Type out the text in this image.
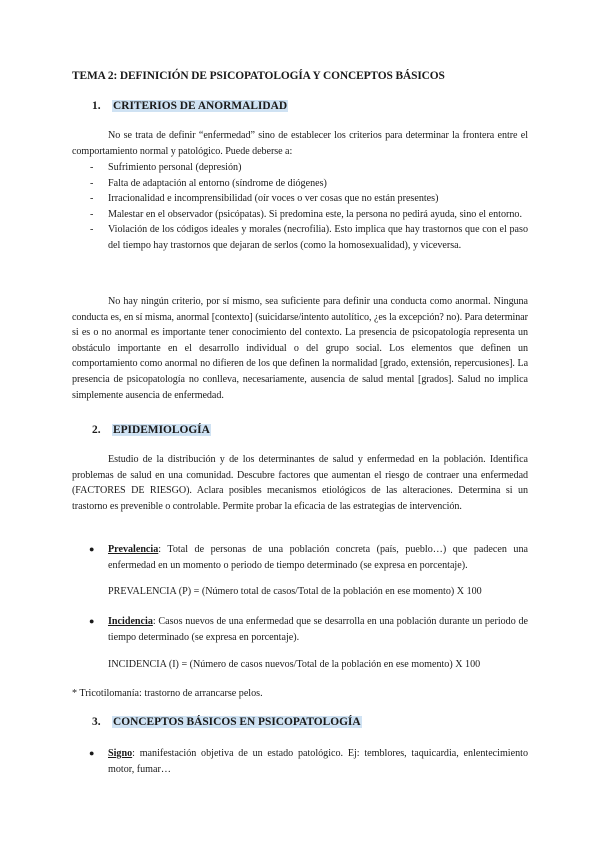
TEMA 2: DEFINICIÓN DE PSICOPATOLOGÍA Y CONCEPTOS BÁSICOS
1. CRITERIOS DE ANORMALIDAD
No se trata de definir “enfermedad” sino de establecer los criterios para determinar la frontera entre el comportamiento normal y patológico. Puede deberse a:
- Sufrimiento personal (depresión)
- Falta de adaptación al entorno (síndrome de diógenes)
- Irracionalidad e incomprensibilidad (oír voces o ver cosas que no están presentes)
- Malestar en el observador (psicópatas). Si predomina este, la persona no pedirá ayuda, sino el entorno.
- Violación de los códigos ideales y morales (necrofilia). Esto implica que hay trastornos que con el paso del tiempo hay trastornos que dejaran de serlos (como la homosexualidad), y viceversa.
No hay ningún criterio, por sí mismo, sea suficiente para definir una conducta como anormal. Ninguna conducta es, en sí misma, anormal [contexto] (suicidarse/intento autolítico, ¿es la excepción? no). Para determinar si es o no anormal es importante tener conocimiento del contexto. La presencia de psicopatología representa un obstáculo importante en el desarrollo individual o del grupo social. Los elementos que definen un comportamiento como anormal no difieren de los que definen la normalidad [grado, extensión, repercusiones]. La presencia de psicopatología no conlleva, necesariamente, ausencia de salud mental [grados]. Salud no implica simplemente ausencia de enfermedad.
2. EPIDEMIOLOGÍA
Estudio de la distribución y de los determinantes de salud y enfermedad en la población. Identifica problemas de salud en una comunidad. Descubre factores que aumentan el riesgo de contraer una enfermedad (FACTORES DE RIESGO). Aclara posibles mecanismos etiológicos de las alteraciones. Determina si un trastorno es prevenible o controlable. Permite probar la eficacia de las estrategias de intervención.
● Prevalencia: Total de personas de una población concreta (país, pueblo…) que padecen una enfermedad en un momento o periodo de tiempo determinado (se expresa en porcentaje).
PREVALENCIA (P) = (Número total de casos/Total de la población en ese momento) X 100
● Incidencia: Casos nuevos de una enfermedad que se desarrolla en una población durante un periodo de tiempo determinado (se expresa en porcentaje).
INCIDENCIA (I) = (Número de casos nuevos/Total de la población en ese momento) X 100
* Tricotilomanía: trastorno de arrancarse pelos.
3. CONCEPTOS BÁSICOS EN PSICOPATOLOGÍA
● Signo: manifestación objetiva de un estado patológico. Ej: temblores, taquicardia, enlentecimiento motor, fumar…
